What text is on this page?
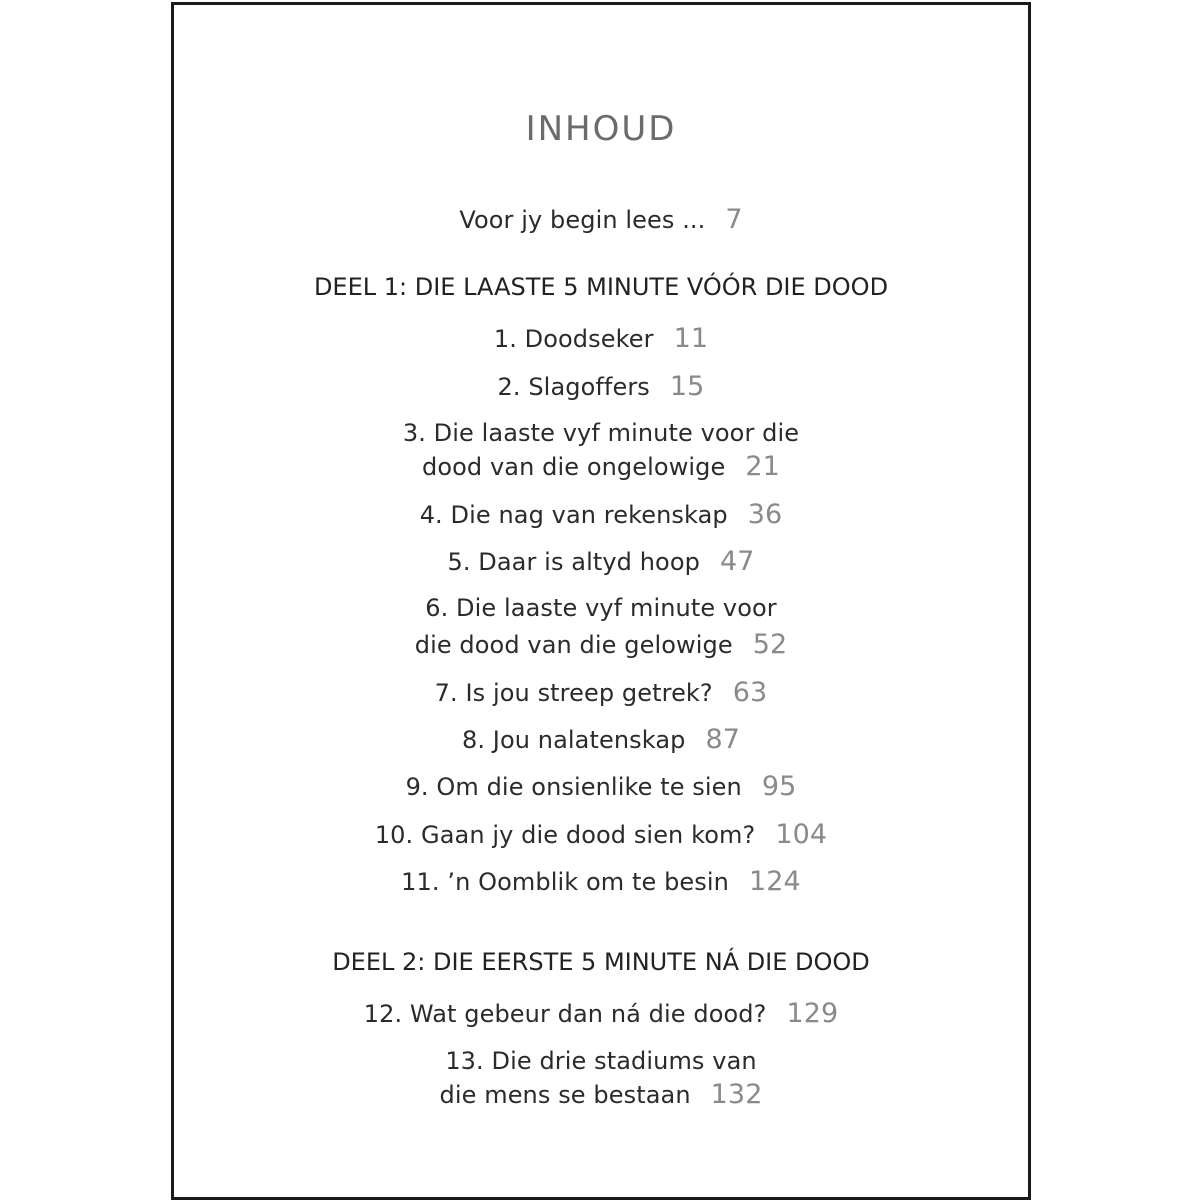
INHOUD
Voor jy begin lees ... 7
DEEL 1: DIE LAASTE 5 MINUTE VÓÓR DIE DOOD
1. Doodseker 11
2. Slagoffers 15
3. Die laaste vyf minute voor die
dood van die ongelowige 21
4. Die nag van rekenskap 36
5. Daar is altyd hoop 47
6. Die laaste vyf minute voor
die dood van die gelowige 52
7. Is jou streep getrek? 63
8. Jou nalatenskap 87
9. Om die onsienlike te sien 95
10. Gaan jy die dood sien kom? 104
11. ’n Oomblik om te besin 124
DEEL 2: DIE EERSTE 5 MINUTE NÁ DIE DOOD
12. Wat gebeur dan ná die dood? 129
13. Die drie stadiums van
die mens se bestaan 132
